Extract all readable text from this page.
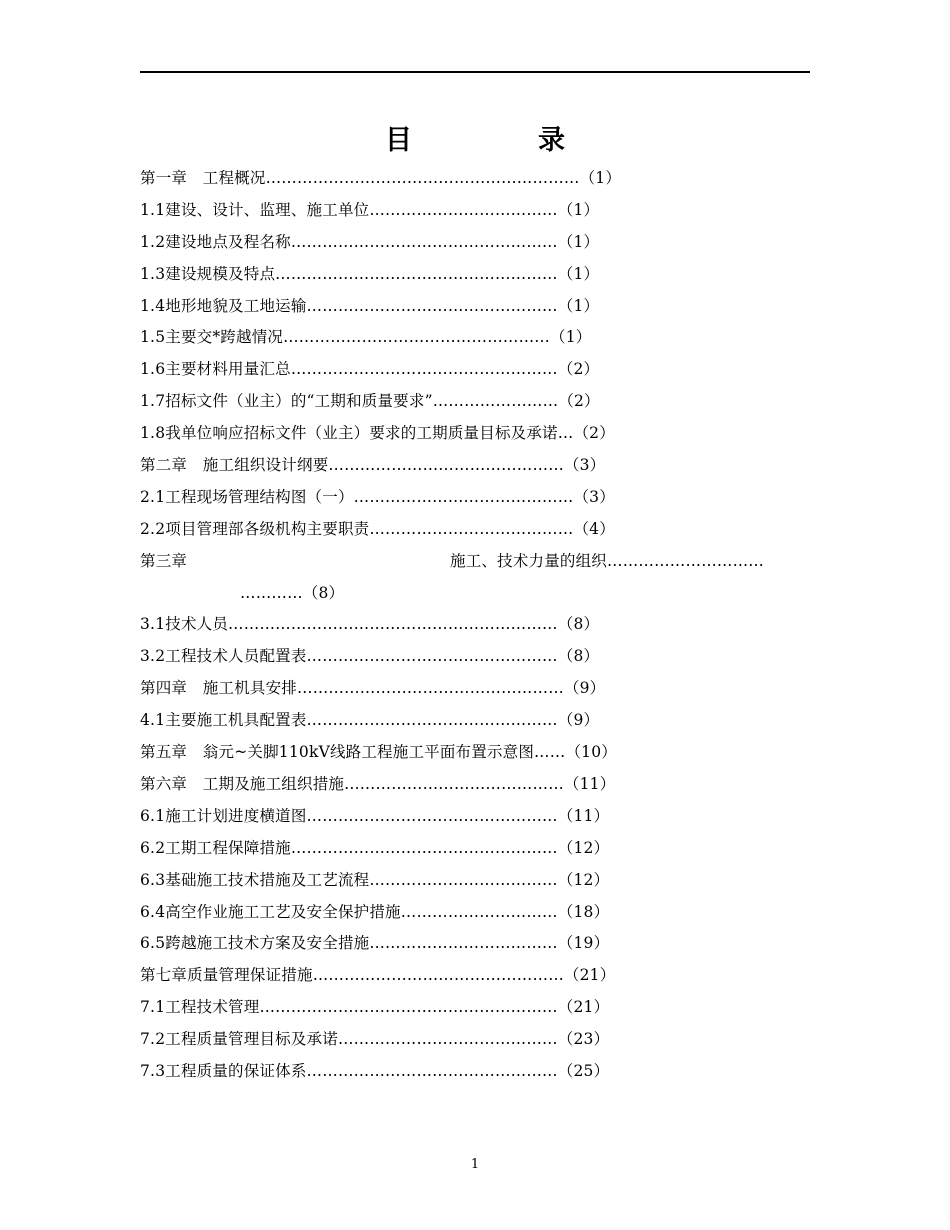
目	录
第一章　工程概况……………………………………………………（1）
1.1建设、设计、监理、施工单位………………………………（1）
1.2建设地点及程名称……………………………………………（1）
1.3建设规模及特点………………………………………………（1）
1.4地形地貌及工地运输…………………………………………（1）
1.5主要交*跨越情况……………………………………………（1）
1.6主要材料用量汇总……………………………………………（2）
1.7招标文件（业主）的“工期和质量要求”……………………（2）
1.8我单位响应招标文件（业主）要求的工期质量目标及承诺…（2）
第二章　施工组织设计纲要………………………………………（3）
2.1工程现场管理结构图（一）……………………………………（3）
2.2项目管理部各级机构主要职责…………………………………（4）
第三章	施工、技术力量的组织…………………………
…………（8）
3.1技术人员………………………………………………………（8）
3.2工程技术人员配置表…………………………………………（8）
第四章　施工机具安排……………………………………………（9）
4.1主要施工机具配置表…………………………………………（9）
第五章　翁元~关脚110kV线路工程施工平面布置示意图……（10）
第六章　工期及施工组织措施……………………………………（11）
6.1施工计划进度横道图…………………………………………（11）
6.2工期工程保障措施……………………………………………（12）
6.3基础施工技术措施及工艺流程………………………………（12）
6.4高空作业施工工艺及安全保护措施…………………………（18）
6.5跨越施工技术方案及安全措施………………………………（19）
第七章质量管理保证措施…………………………………………（21）
7.1工程技术管理…………………………………………………（21）
7.2工程质量管理目标及承诺……………………………………（23）
7.3工程质量的保证体系…………………………………………（25）
1
